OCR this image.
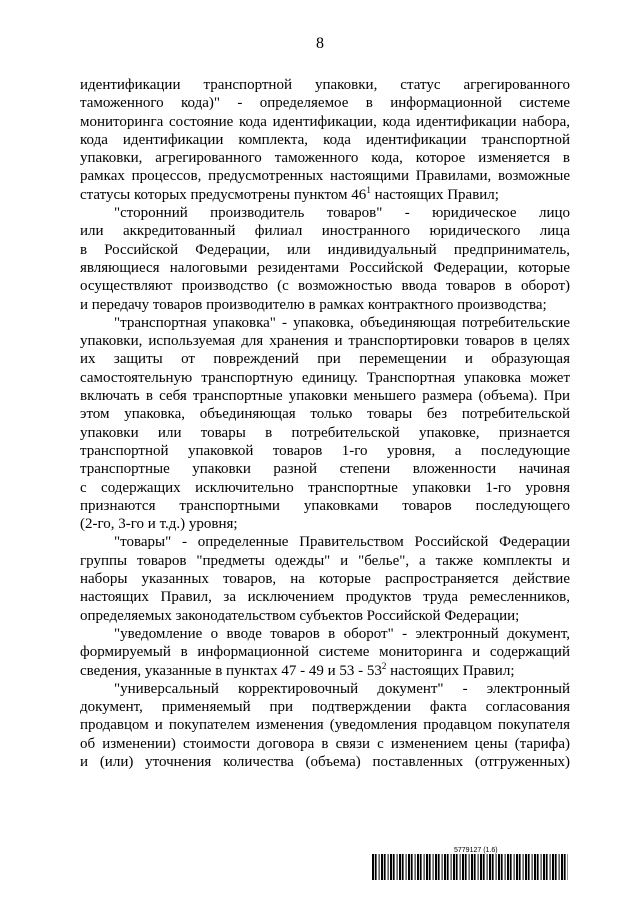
8
идентификации транспортной упаковки, статус агрегированного
таможенного кода)" - определяемое в информационной системе
мониторинга состояние кода идентификации, кода идентификации набора,
кода идентификации комплекта, кода идентификации транспортной
упаковки, агрегированного таможенного кода, которое изменяется в
рамках процессов, предусмотренных настоящими Правилами, возможные
статусы которых предусмотрены пунктом $46^1$ настоящих Правил;
"сторонний производитель товаров" - юридическое лицо
или аккредитованный филиал иностранного юридического лица
в Российской Федерации, или индивидуальный предприниматель,
являющиеся налоговыми резидентами Российской Федерации, которые
осуществляют производство (с возможностью ввода товаров в оборот)
и передачу товаров производителю в рамках контрактного производства;
"транспортная упаковка" - упаковка, объединяющая потребительские
упаковки, используемая для хранения и транспортировки товаров в целях
их защиты от повреждений при перемещении и образующая
самостоятельную транспортную единицу. Транспортная упаковка может
включать в себя транспортные упаковки меньшего размера (объема). При
этом упаковка, объединяющая только товары без потребительской
упаковки или товары в потребительской упаковке, признается
транспортной упаковкой товаров 1-го уровня, а последующие
транспортные упаковки разной степени вложенности начиная
с содержащих исключительно транспортные упаковки 1-го уровня
признаются транспортными упаковками товаров последующего
(2-го, 3-го и т.д.) уровня;
"товары" - определенные Правительством Российской Федерации
группы товаров "предметы одежды" и "белье", а также комплекты и
наборы указанных товаров, на которые распространяется действие
настоящих Правил, за исключением продуктов труда ремесленников,
определяемых законодательством субъектов Российской Федерации;
"уведомление о вводе товаров в оборот" - электронный документ,
формируемый в информационной системе мониторинга и содержащий
сведения, указанные в пунктах 47 - 49 и $53 - 53^2$ настоящих Правил;
"универсальный корректировочный документ" - электронный
документ, применяемый при подтверждении факта согласования
продавцом и покупателем изменения (уведомления продавцом покупателя
об изменении) стоимости договора в связи с изменением цены (тарифа)
и (или) уточнения количества (объема) поставленных (отгруженных)
5779127 (1.6)
